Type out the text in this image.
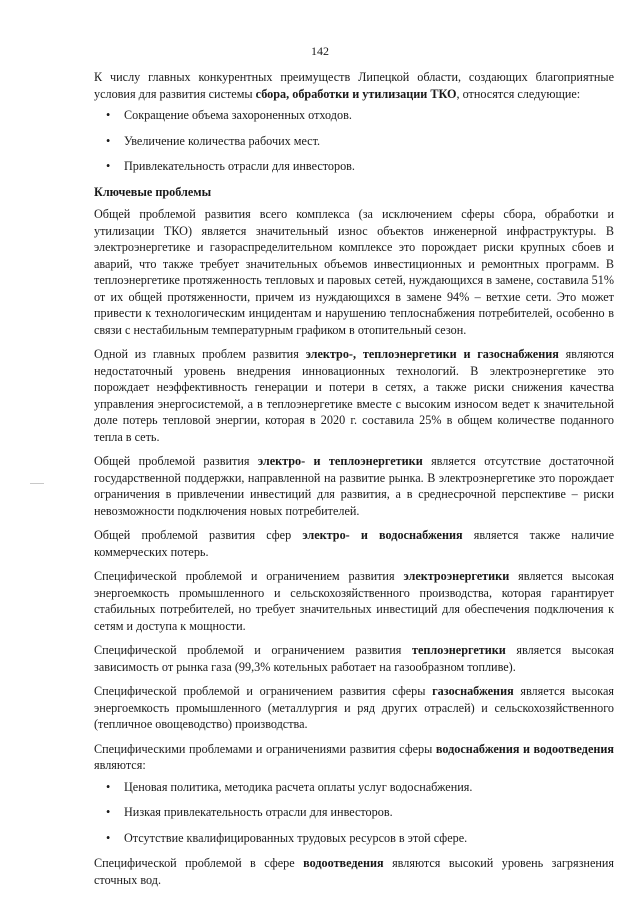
142

К числу главных конкурентных преимуществ Липецкой области, создающих благоприятные условия для развития системы сбора, обработки и утилизации ТКО, относятся следующие:

• Сокращение объема захороненных отходов.
• Увеличение количества рабочих мест.
• Привлекательность отрасли для инвесторов.
Ключевые проблемы

Общей проблемой развития всего комплекса (за исключением сферы сбора, обработки и утилизации ТКО) является значительный износ объектов инженерной инфраструктуры. В электроэнергетике и газораспределительном комплексе это порождает риски крупных сбоев и аварий, что также требует значительных объемов инвестиционных и ремонтных программ. В теплоэнергетике протяженность тепловых и паровых сетей, нуждающихся в замене, составила 51% от их общей протяженности, причем из нуждающихся в замене 94% – ветхие сети. Это может привести к технологическим инцидентам и нарушению теплоснабжения потребителей, особенно в связи с нестабильным температурным графиком в отопительный сезон.

Одной из главных проблем развития электро-, теплоэнергетики и газоснабжения являются недостаточный уровень внедрения инновационных технологий. В электроэнергетике это порождает неэффективность генерации и потери в сетях, а также риски снижения качества управления энергосистемой, а в теплоэнергетике вместе с высоким износом ведет к значительной доле потерь тепловой энергии, которая в 2020 г. составила 25% в общем количестве поданного тепла в сеть.

Общей проблемой развития электро- и теплоэнергетики является отсутствие достаточной государственной поддержки, направленной на развитие рынка. В электроэнергетике это порождает ограничения в привлечении инвестиций для развития, а в среднесрочной перспективе – риски невозможности подключения новых потребителей.

Общей проблемой развития сфер электро- и водоснабжения является также наличие коммерческих потерь.

Специфической проблемой и ограничением развития электроэнергетики является высокая энергоемкость промышленного и сельскохозяйственного производства, которая гарантирует стабильных потребителей, но требует значительных инвестиций для обеспечения подключения к сетям и доступа к мощности.

Специфической проблемой и ограничением развития теплоэнергетики является высокая зависимость от рынка газа (99,3% котельных работает на газообразном топливе).

Специфической проблемой и ограничением развития сферы газоснабжения является высокая энергоемкость промышленного (металлургия и ряд других отраслей) и сельскохозяйственного (тепличное овощеводство) производства.

Специфическими проблемами и ограничениями развития сферы водоснабжения и водоотведения являются:

• Ценовая политика, методика расчета оплаты услуг водоснабжения.
• Низкая привлекательность отрасли для инвесторов.
• Отсутствие квалифицированных трудовых ресурсов в этой сфере.

Специфической проблемой в сфере водоотведения являются высокий уровень загрязнения сточных вод.
